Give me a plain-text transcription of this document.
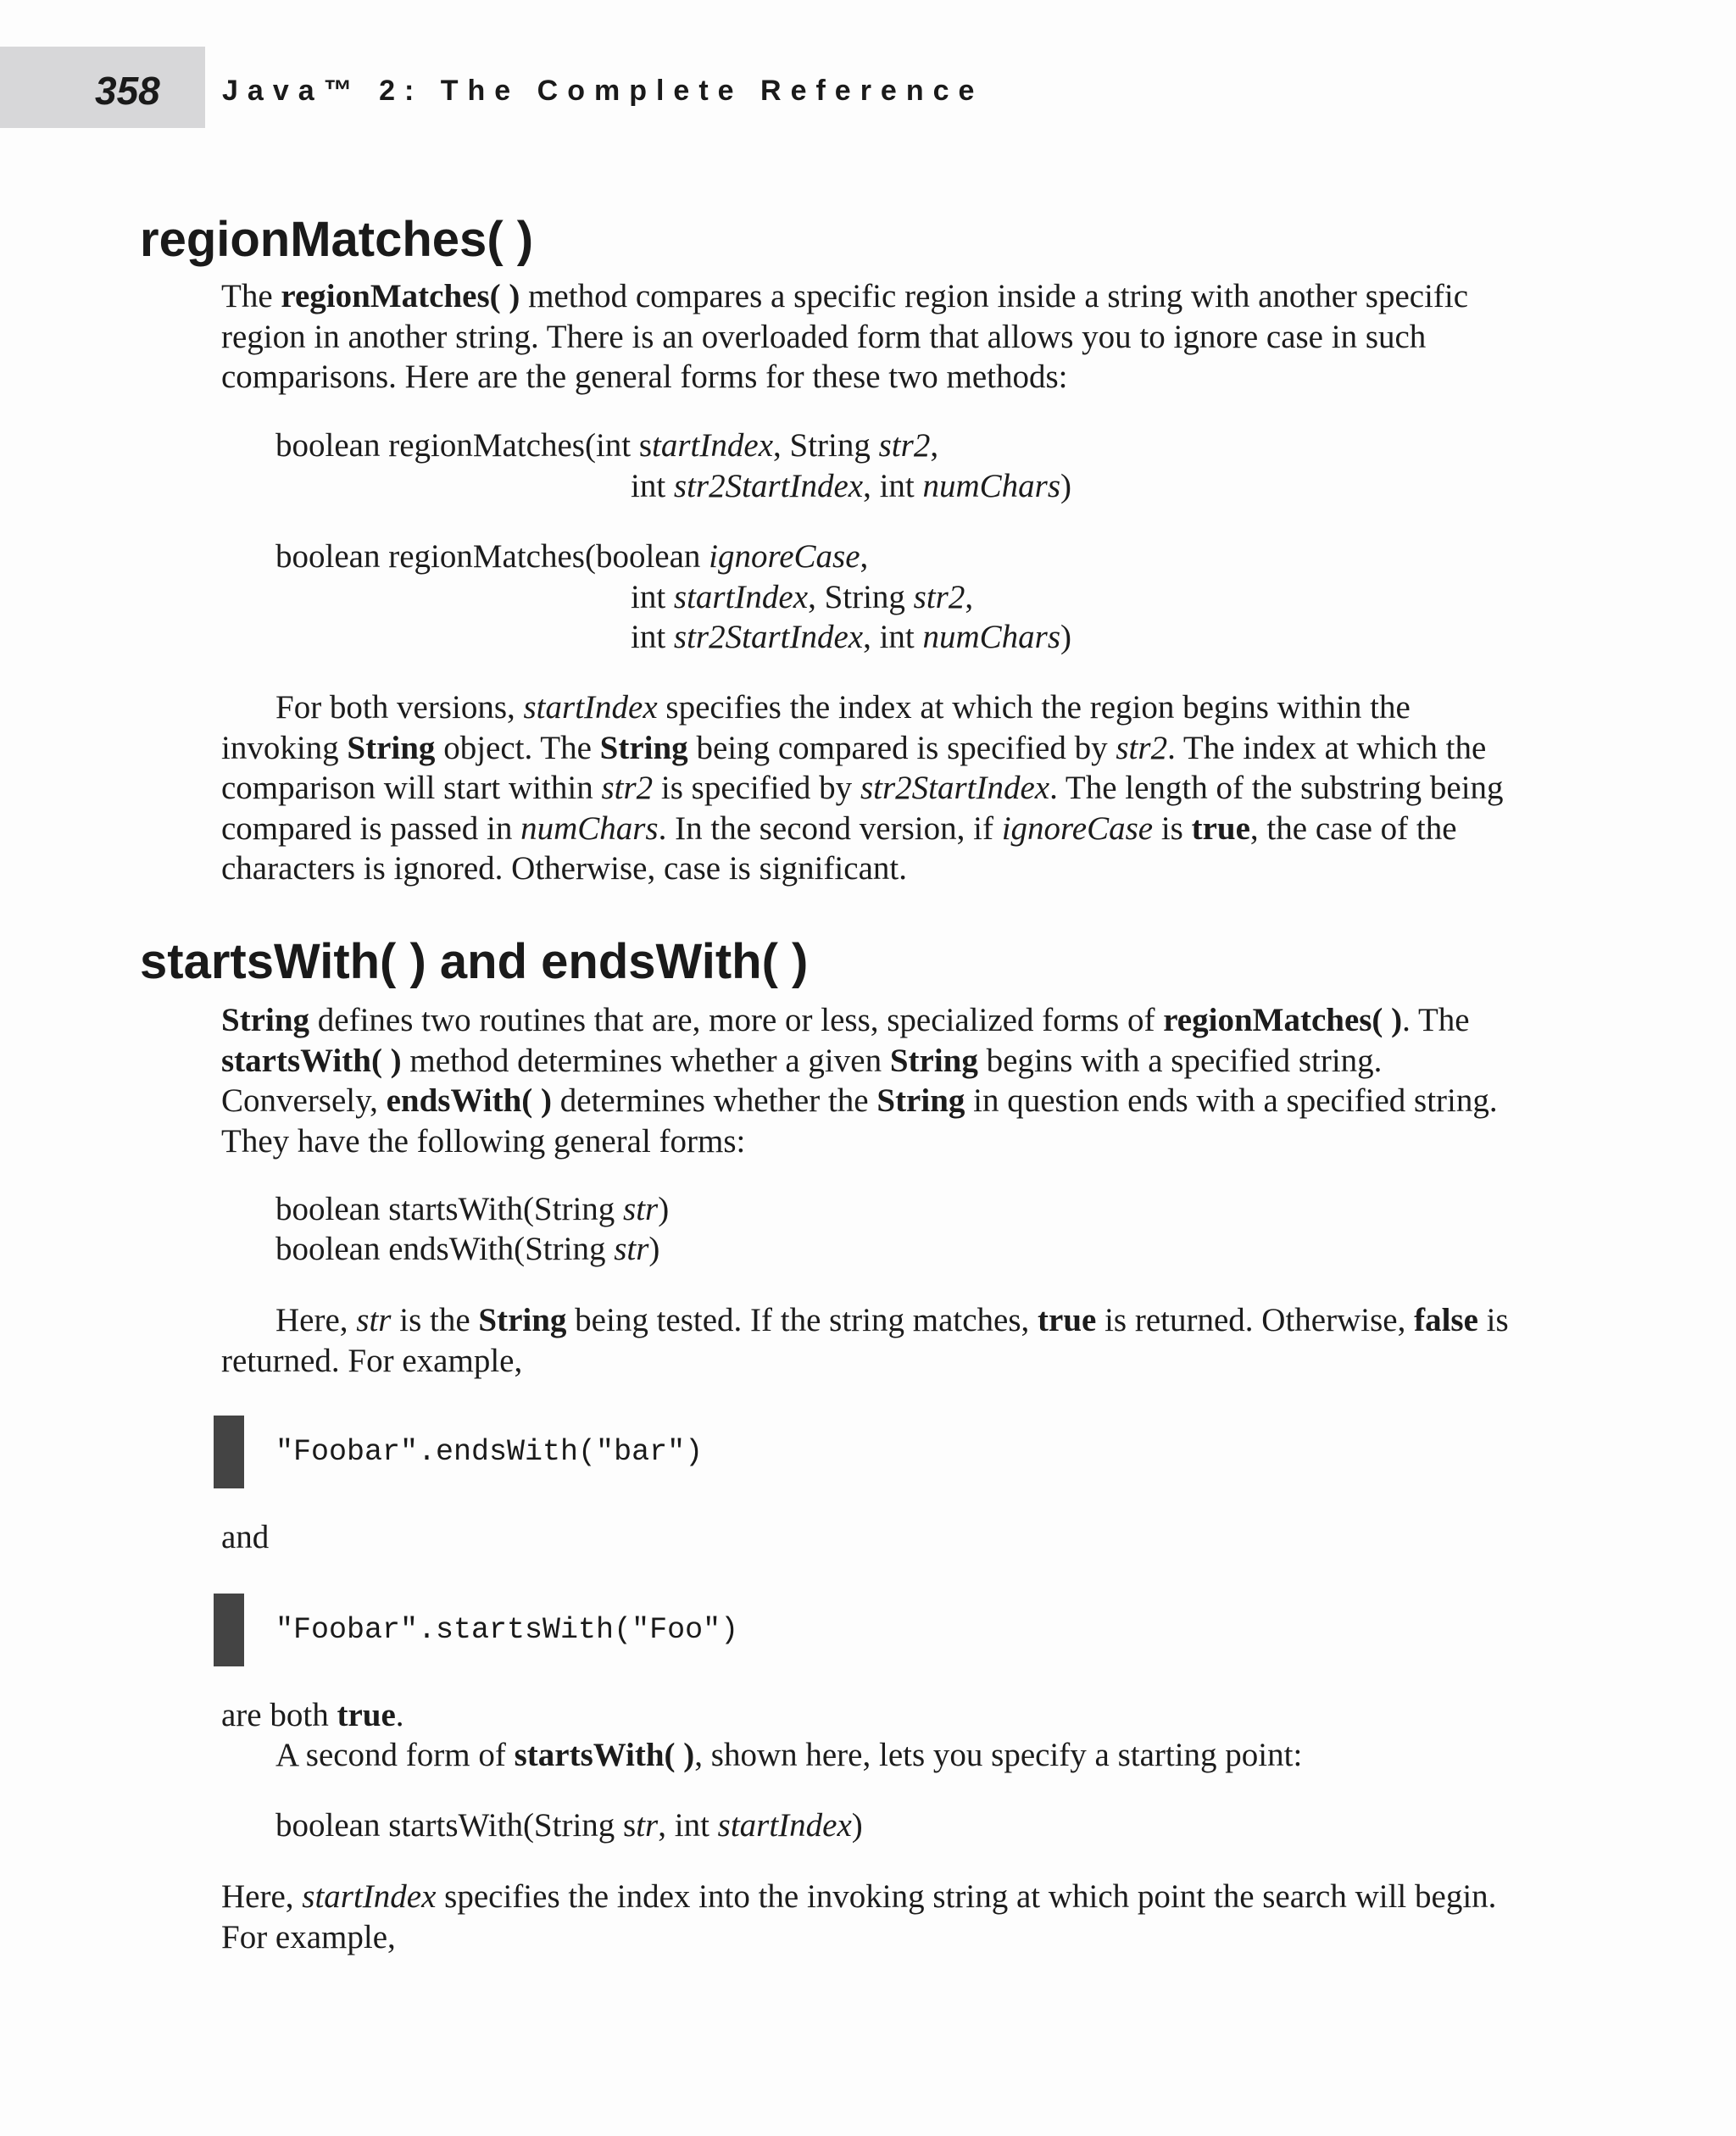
358 Java™ 2: The Complete Reference
regionMatches( )

The regionMatches( ) method compares a specific region inside a string with another specific region in another string. There is an overloaded form that allows you to ignore case in such comparisons. Here are the general forms for these two methods:

boolean regionMatches(int startIndex, String str2,
int str2StartIndex, int numChars)

boolean regionMatches(boolean ignoreCase,
int startIndex, String str2,
int str2StartIndex, int numChars)

For both versions, startIndex specifies the index at which the region begins within the invoking String object. The String being compared is specified by str2. The index at which the comparison will start within str2 is specified by str2StartIndex. The length of the substring being compared is passed in numChars. In the second version, if ignoreCase is true, the case of the characters is ignored. Otherwise, case is significant.

startsWith( ) and endsWith( )

String defines two routines that are, more or less, specialized forms of regionMatches( ). The startsWith( ) method determines whether a given String begins with a specified string. Conversely, endsWith( ) determines whether the String in question ends with a specified string. They have the following general forms:

boolean startsWith(String str)

boolean endsWith(String str)

Here, str is the String being tested. If the string matches, true is returned. Otherwise, false is returned. For example,

"Foobar".endsWith("bar")

and

"Foobar".startsWith("Foo")

are both true.

A second form of startsWith( ), shown here, lets you specify a starting point:

boolean startsWith(String str, int startIndex)

Here, startIndex specifies the index into the invoking string at which point the search will begin. For example,
